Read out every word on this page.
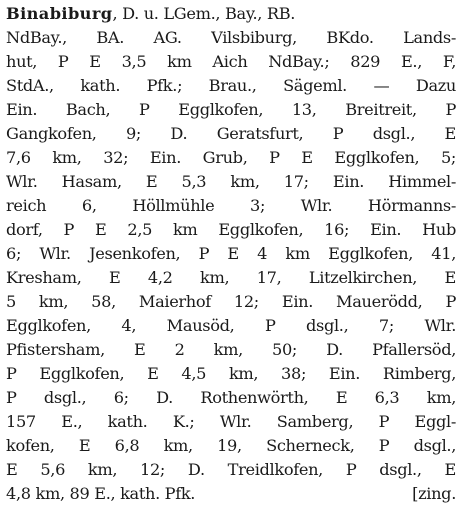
Binabiburg, D. u. LGem., Bay., RB.
NdBay., BA. AG. Vilsbiburg, BKdo. Lands-
hut, P E 3,5 km Aich NdBay.; 829 E., F,
StdA., kath. Pfk.; Brau., Sägeml. — Dazu
Ein. Bach, P Egglkofen, 13, Breitreit, P
Gangkofen, 9; D. Geratsfurt, P dsgl., E
7,6 km, 32; Ein. Grub, P E Egglkofen, 5;
Wlr. Hasam, E 5,3 km, 17; Ein. Himmel-
reich 6, Höllmühle 3; Wlr. Hörmanns-
dorf, P E 2,5 km Egglkofen, 16; Ein. Hub
6; Wlr. Jesenkofen, P E 4 km Egglkofen, 41,
Kresham, E 4,2 km, 17, Litzelkirchen, E
5 km, 58, Maierhof 12; Ein. Mauerödd, P
Egglkofen, 4, Mausöd, P dsgl., 7; Wlr.
Pfistersham, E 2 km, 50; D. Pfallersöd,
P Egglkofen, E 4,5 km, 38; Ein. Rimberg,
P dsgl., 6; D. Rothenwörth, E 6,3 km,
157 E., kath. K.; Wlr. Samberg, P Eggl-
kofen, E 6,8 km, 19, Scherneck, P dsgl.,
E 5,6 km, 12; D. Treidlkofen, P dsgl., E
4,8 km, 89 E., kath. Pfk.	[zing.
